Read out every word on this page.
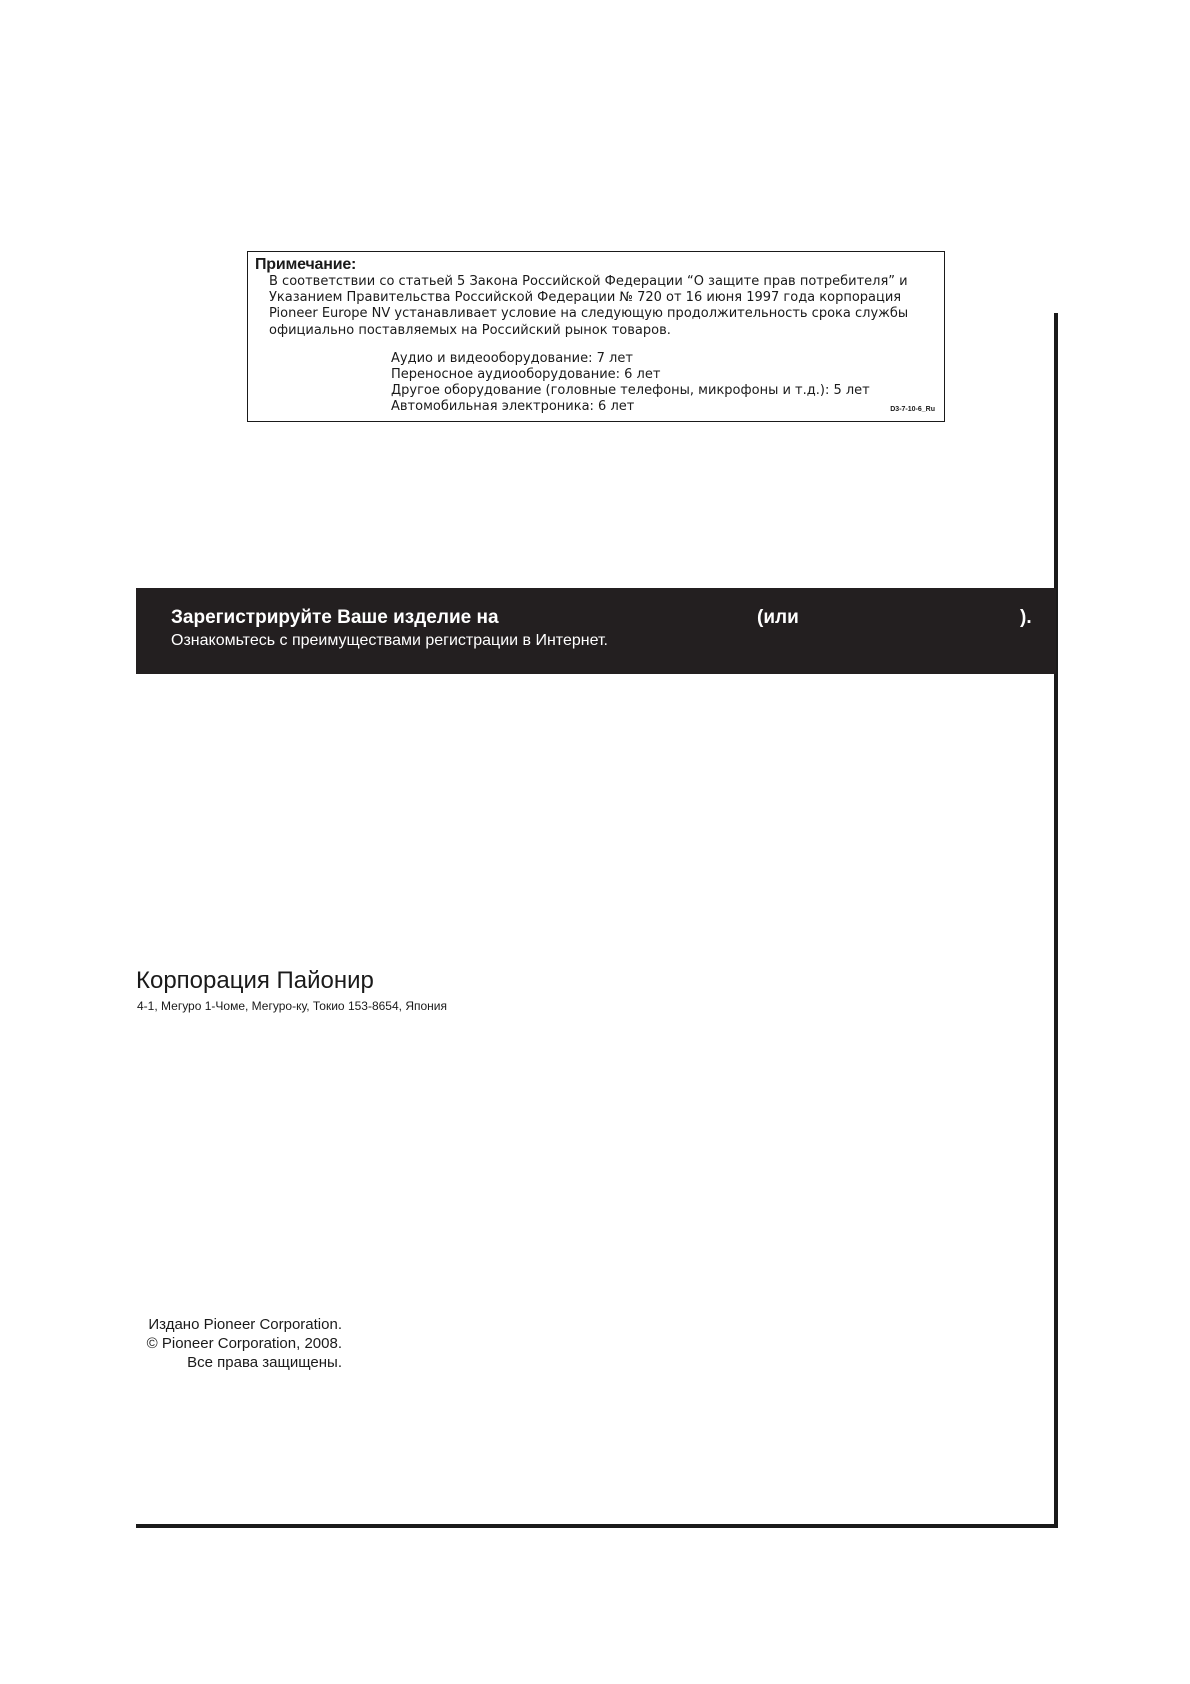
Примечание:

В соответствии со статьей 5 Закона Российской Федерации “О защите прав потребителя” и Указанием Правительства Российской Федерации № 720 от 16 июня 1997 года корпорация Pioneer Europe NV устанавливает условие на следующую продолжительность срока службы официально поставляемых на Российский рынок товаров.

Аудио и видеооборудование: 7 лет
Переносное аудиооборудование: 6 лет
Другое оборудование (головные телефоны, микрофоны и т.д.): 5 лет
Автомобильная электроника: 6 лет	D3-7-10-6_Ru
Зарегистрируйте Ваше изделие на	(или	).
Ознакомьтесь с преимуществами регистрации в Интернет.
Корпорация Пайонир
4-1, Мегуро 1-Чоме, Мегуро-ку, Токио 153-8654, Япония
Издано Pioneer Corporation.
© Pioneer Corporation, 2008.
Все права защищены.
